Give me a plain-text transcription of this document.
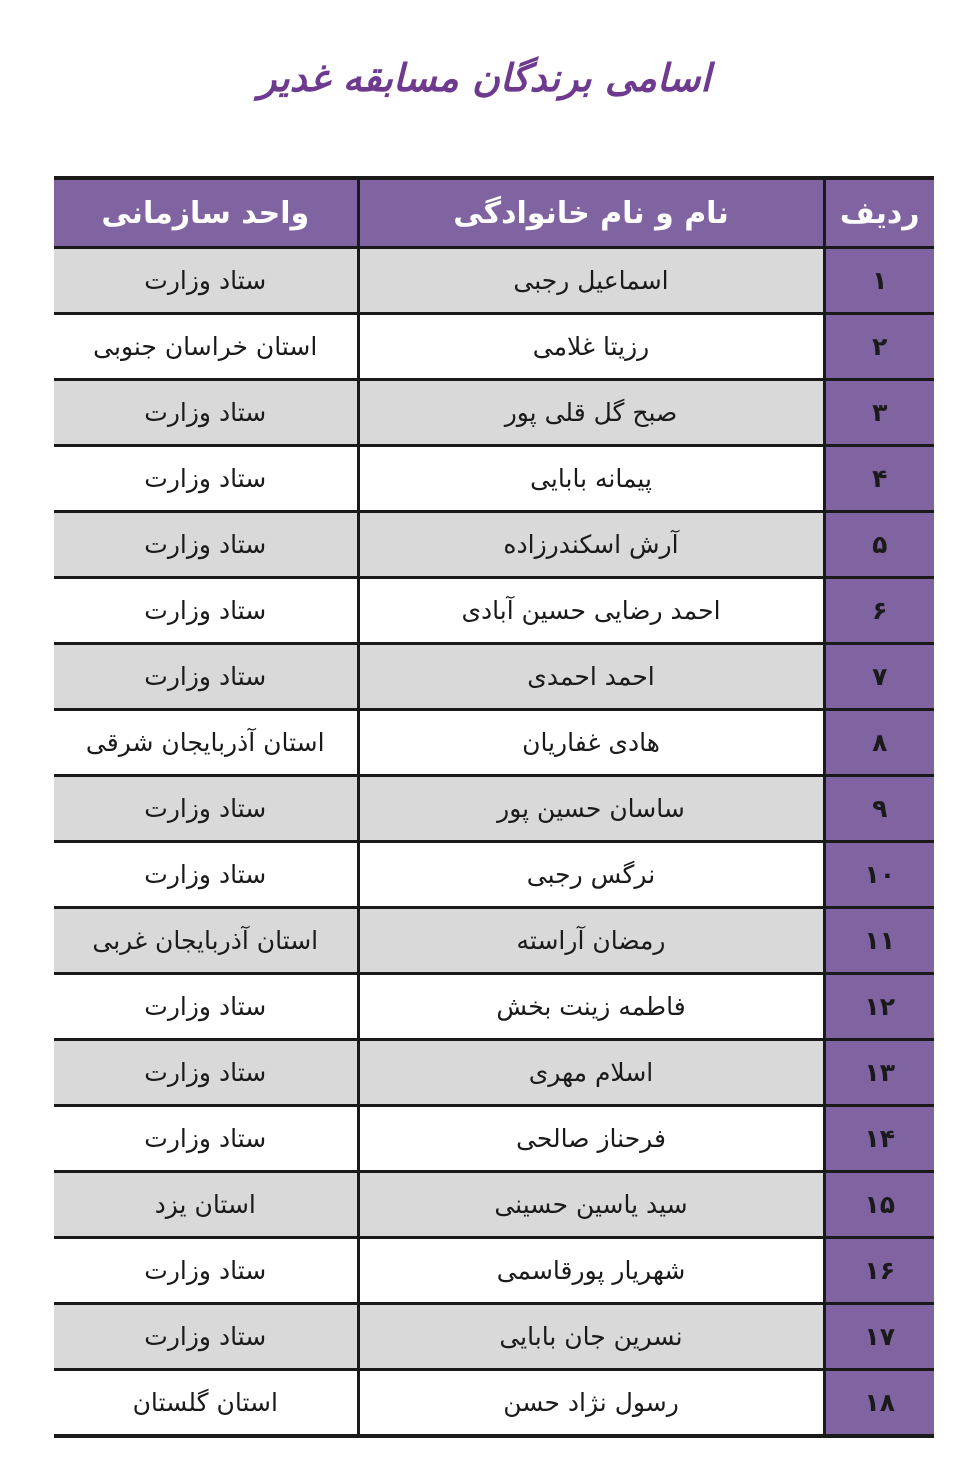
اسامی برندگان مسابقه غدیر
ردیف	نام و نام خانوادگی	واحد سازمانی
۱	اسماعیل رجبی	ستاد وزارت
۲	رزیتا غلامی	استان خراسان جنوبی
۳	صبح گل قلی پور	ستاد وزارت
۴	پیمانه بابایی	ستاد وزارت
۵	آرش اسکندرزاده	ستاد وزارت
۶	احمد رضایی حسین آبادی	ستاد وزارت
۷	احمد احمدی	ستاد وزارت
۸	هادی غفاریان	استان آذربایجان شرقی
۹	ساسان حسین پور	ستاد وزارت
۱۰	نرگس رجبی	ستاد وزارت
۱۱	رمضان آراسته	استان آذربایجان غربی
۱۲	فاطمه زینت بخش	ستاد وزارت
۱۳	اسلام مهری	ستاد وزارت
۱۴	فرحناز صالحی	ستاد وزارت
۱۵	سید یاسین حسینی	استان یزد
۱۶	شهریار پورقاسمی	ستاد وزارت
۱۷	نسرین جان بابایی	ستاد وزارت
۱۸	رسول نژاد حسن	استان گلستان
